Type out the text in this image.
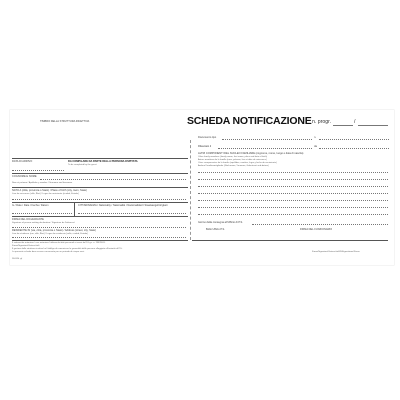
TIMBRO DELLA STRUTTURA RICETTIVA
DATA DI ARRIVO	DA COMPILARE DA PARTE DELLA PERSONA OSPITATA
To be completed by the guest
COGNOME E NOME
Nom et prénom / Apellidos y nombre / Surname and forename
NATO A (città, provincia o Stato) / Place of birth (city, town, State)
Lieu de naissance (ville, État) / Lugar de nacimiento (ciudad, Estado)
IL / Date / Date / Fecha / Datum	CITTADINANZA / Nationality / Nationalité / Nacionalidad / Staatsangehörigkeit
FIRMA DEL DICHIARANTE
Signature of person making declaration / Signature de l'intéressé
RESIDENTE IN (via, città, provincia o Stato) / Address (street, city, State)
Lieu de résidence (rue, ville, État) / Lugar de residencia (calle, ciudad, Estado)
Il sottoscritto autorizza / non autorizza l'utilizzo dei dati personali ai sensi del D.Lgs. n. 196/2003.
Firma/Signature/Unterschrift
Il gestore della struttura ricettiva ha l'obbligo di comunicare le generalità delle persone alloggiate all'autorità di P.S.
La presente scheda deve essere conservata per un periodo di cinque anni.
DU03S .gf
SCHEDA NOTIFICAZIONE n. progr.	/
Documento tipo	n.
Rilasciato il	da
ALTRI COMPONENTI DEL NUCLEO FAMILIARE (cognome, nome, luogo e data di nascita)
Other family members (family name, first name, place and date of birth)
Autres membres de la famille (nom, prénom, lieu et date de naissance)
Otros componentes de la familia (apellidos, nombre, lugar y fecha de nacimiento)
Andere Familienmitglieder (Nachname, Vorname, Geburtsort und-datum)
Giorno della consegna all'Ufficio di P.S.
Bollo Ufficio P.S.	FIRMA DEL FUNZIONARIO
Firma/Signature/Unterschrift/N.Eigentümer/Firma
